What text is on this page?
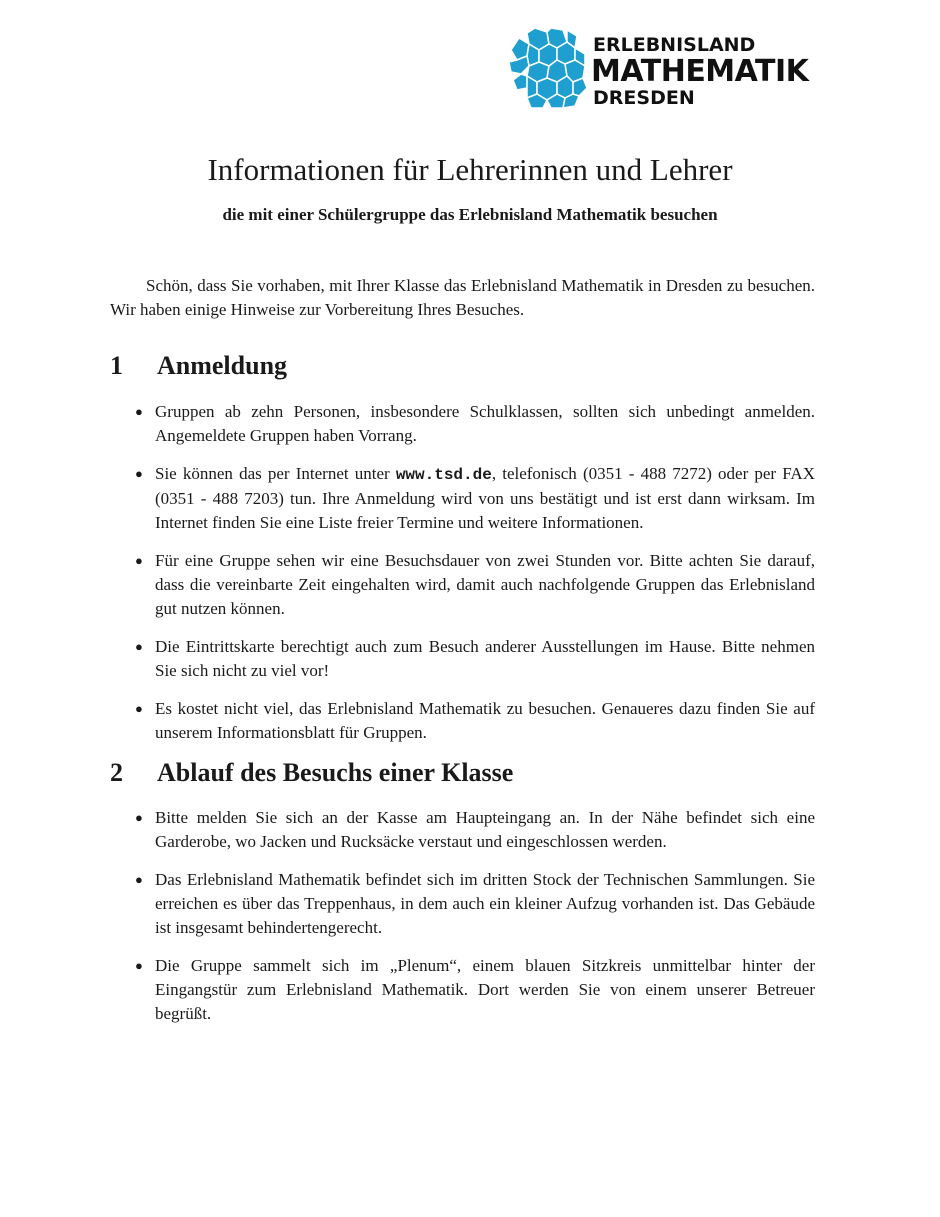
ERLEBNISLAND
MATHEMATIK
DRESDEN
Informationen für Lehrerinnen und Lehrer
die mit einer Schülergruppe das Erlebnisland Mathematik besuchen

Schön, dass Sie vorhaben, mit Ihrer Klasse das Erlebnisland Mathematik in Dresden zu besuchen. Wir haben einige Hinweise zur Vorbereitung Ihres Besuches.

1 Anmeldung
● Gruppen ab zehn Personen, insbesondere Schulklassen, sollten sich unbedingt anmelden. Angemeldete Gruppen haben Vorrang.
● Sie können das per Internet unter www.tsd.de, telefonisch (0351 - 488 7272) oder per FAX (0351 - 488 7203) tun. Ihre Anmeldung wird von uns bestätigt und ist erst dann wirksam. Im Internet finden Sie eine Liste freier Termine und weitere Informationen.
● Für eine Gruppe sehen wir eine Besuchsdauer von zwei Stunden vor. Bitte achten Sie darauf, dass die vereinbarte Zeit eingehalten wird, damit auch nachfolgende Gruppen das Erlebnisland gut nutzen können.
● Die Eintrittskarte berechtigt auch zum Besuch anderer Ausstellungen im Hause. Bitte nehmen Sie sich nicht zu viel vor!
● Es kostet nicht viel, das Erlebnisland Mathematik zu besuchen. Genaueres dazu finden Sie auf unserem Informationsblatt für Gruppen.
2 Ablauf des Besuchs einer Klasse
● Bitte melden Sie sich an der Kasse am Haupteingang an. In der Nähe befindet sich eine Garderobe, wo Jacken und Rucksäcke verstaut und eingeschlossen werden.
● Das Erlebnisland Mathematik befindet sich im dritten Stock der Technischen Sammlungen. Sie erreichen es über das Treppenhaus, in dem auch ein kleiner Aufzug vorhanden ist. Das Gebäude ist insgesamt behindertengerecht.
● Die Gruppe sammelt sich im „Plenum“, einem blauen Sitzkreis unmittelbar hinter der Eingangstür zum Erlebnisland Mathematik. Dort werden Sie von einem unserer Betreuer begrüßt.
